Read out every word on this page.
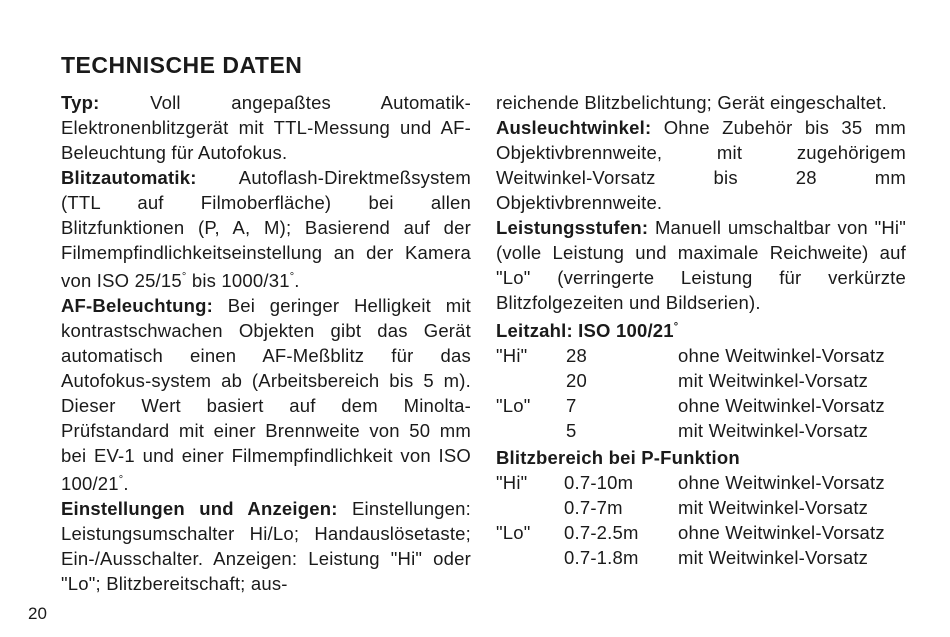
TECHNISCHE DATEN

Typ:	Voll angepaßtes Automatik-Elektronenblitzgerät mit TTL-Messung und AF-Beleuchtung für Autofokus.

Blitzautomatik: Autoflash-Direktmeßsystem (TTL auf Filmoberfläche) bei allen Blitzfunktionen (P, A, M); Basierend auf der Filmempfindlichkeitseinstellung an der Kamera von ISO 25/15° bis 1000/31°.

AF-Beleuchtung: Bei geringer Helligkeit mit kontrastschwachen Objekten gibt das Gerät automatisch einen AF-Meßblitz für das Autofokus-system ab (Arbeitsbereich bis 5 m). Dieser Wert basiert auf dem Minolta-Prüfstandard mit einer Brennweite von 50 mm bei EV-1 und einer Filmempfindlichkeit von ISO 100/21°.

Einstellungen und Anzeigen: Einstellungen: Leistungsumschalter Hi/Lo; Handauslösetaste; Ein-/Ausschalter. Anzeigen: Leistung "Hi" oder "Lo"; Blitzbereitschaft; aus-

reichende Blitzbelichtung; Gerät eingeschaltet.

Ausleuchtwinkel: Ohne Zubehör bis 35 mm Objektivbrennweite, mit zugehörigem Weitwinkel-Vorsatz bis 28 mm Objektivbrennweite.

Leistungsstufen: Manuell umschaltbar von "Hi" (volle Leistung und maximale Reichweite) auf "Lo" (verringerte Leistung für verkürzte Blitzfolgezeiten und Bildserien).

Leitzahl: ISO 100/21°

"Hi"	28	ohne Weitwinkel-Vorsatz
	20	mit Weitwinkel-Vorsatz
"Lo"	7	ohne Weitwinkel-Vorsatz
	5	mit Weitwinkel-Vorsatz

Blitzbereich bei P-Funktion

"Hi"	0.7-10m	ohne Weitwinkel-Vorsatz
	0.7-7m	mit Weitwinkel-Vorsatz
"Lo"	0.7-2.5m	ohne Weitwinkel-Vorsatz
	0.7-1.8m	mit Weitwinkel-Vorsatz
20
